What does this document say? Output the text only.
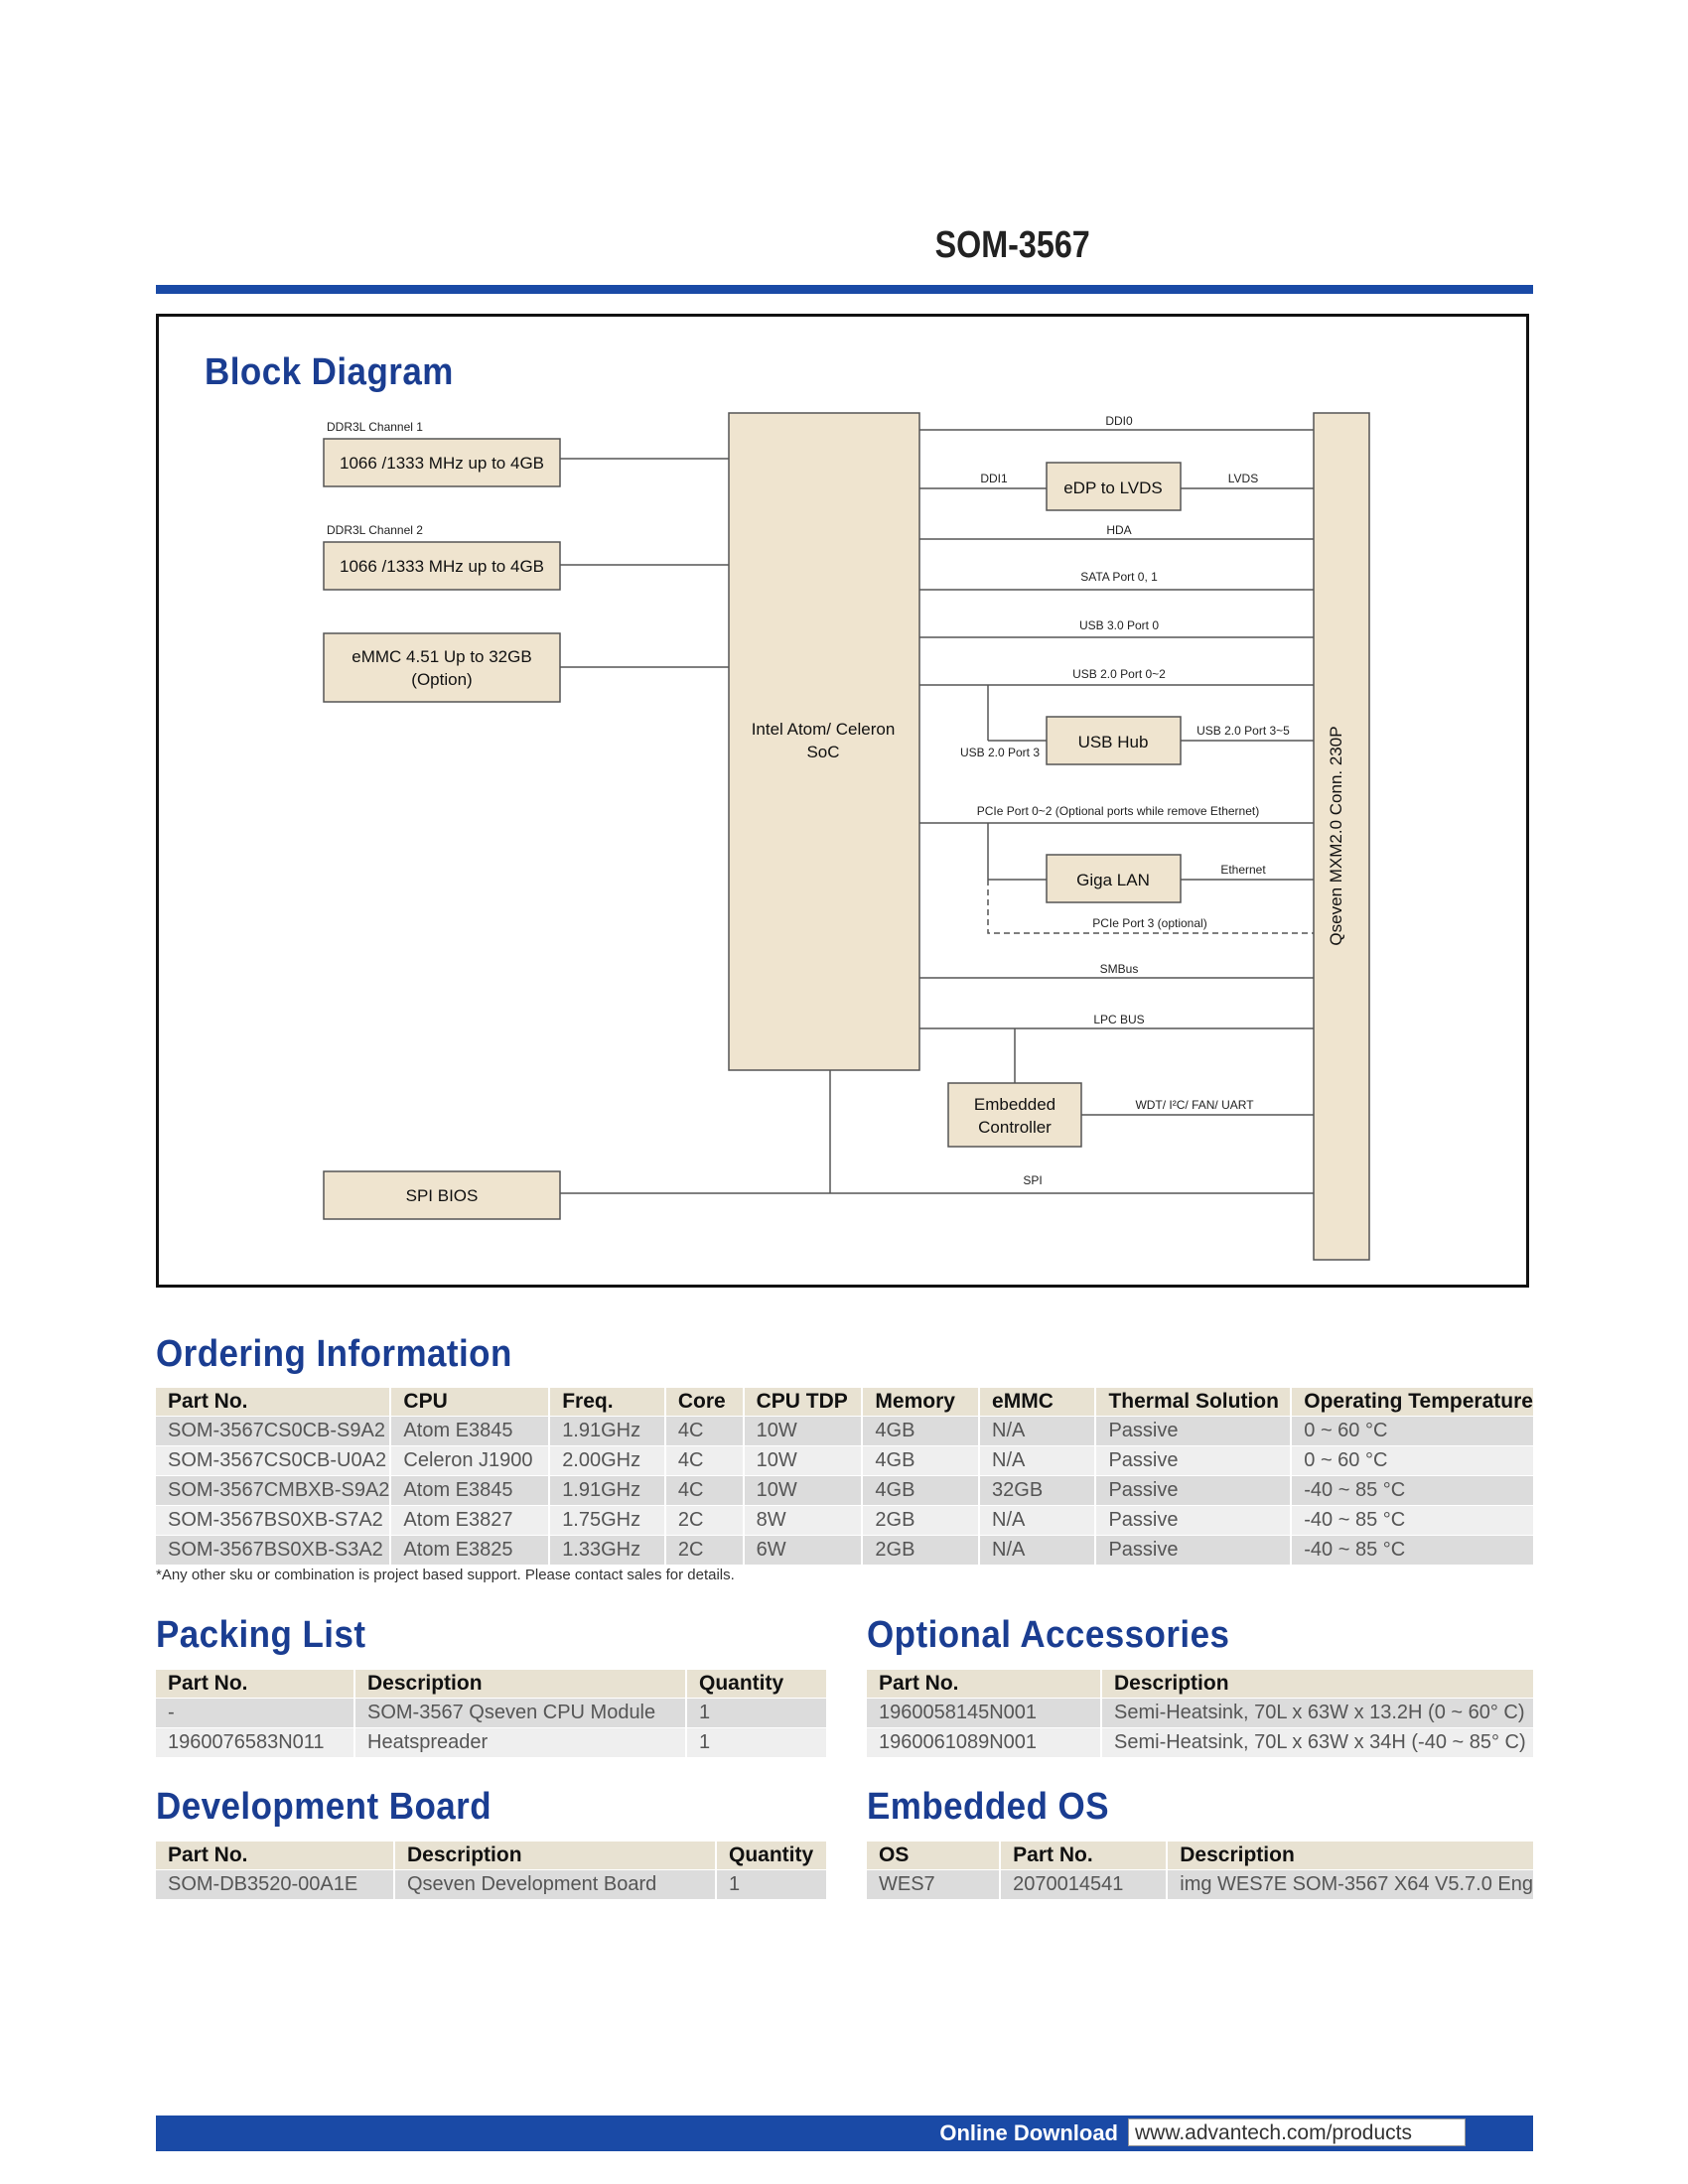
SOM-3567
Block Diagram
DDR3L Channel 1
DDR3L Channel 2
DDI0
DDI1	LVDS
HDA
SATA Port 0, 1
USB 3.0 Port 0
USB 2.0 Port 0~2
USB 2.0 Port 3
USB 2.0 Port 3~5
PCIe Port 0~2 (Optional ports while remove Ethernet)
Ethernet
PCIe Port 3 (optional)
SMBus
LPC BUS
WDT/ I²C/ FAN/ UART
SPI
1066 /1333 MHz up to 4GB
1066 /1333 MHz up to 4GB
eMMC 4.51 Up to 32GB
(Option)
Intel Atom/ Celeron
SoC
eDP to LVDS
USB Hub
Giga LAN
Embedded
Controller
SPI BIOS
Qseven MXM2.0 Conn. 230P
Ordering Information
Part No.	CPU	Freq.	Core	CPU TDP	Memory	eMMC	Thermal Solution	Operating Temperature
SOM-3567CS0CB-S9A2	Atom E3845	1.91GHz	4C	10W	4GB	N/A	Passive	0 ~ 60 °C
SOM-3567CS0CB-U0A2	Celeron J1900	2.00GHz	4C	10W	4GB	N/A	Passive	0 ~ 60 °C
SOM-3567CMBXB-S9A2	Atom E3845	1.91GHz	4C	10W	4GB	32GB	Passive	-40 ~ 85 °C
SOM-3567BS0XB-S7A2	Atom E3827	1.75GHz	2C	8W	2GB	N/A	Passive	-40 ~ 85 °C
SOM-3567BS0XB-S3A2	Atom E3825	1.33GHz	2C	6W	2GB	N/A	Passive	-40 ~ 85 °C
*Any other sku or combination is project based support. Please contact sales for details.
Packing List
Part No.	Description	Quantity
-	SOM-3567 Qseven CPU Module	1
1960076583N011	Heatspreader	1
Optional Accessories
Part No.	Description
1960058145N001	Semi-Heatsink, 70L x 63W x 13.2H (0 ~ 60° C)
1960061089N001	Semi-Heatsink, 70L x 63W x 34H (-40 ~ 85° C)
Development Board
Part No.	Description	Quantity
SOM-DB3520-00A1E	Qseven Development Board	1
Embedded OS
OS	Part No.	Description
WES7	2070014541	img WES7E SOM-3567 X64 V5.7.0 Eng
Online Download www.advantech.com/products
